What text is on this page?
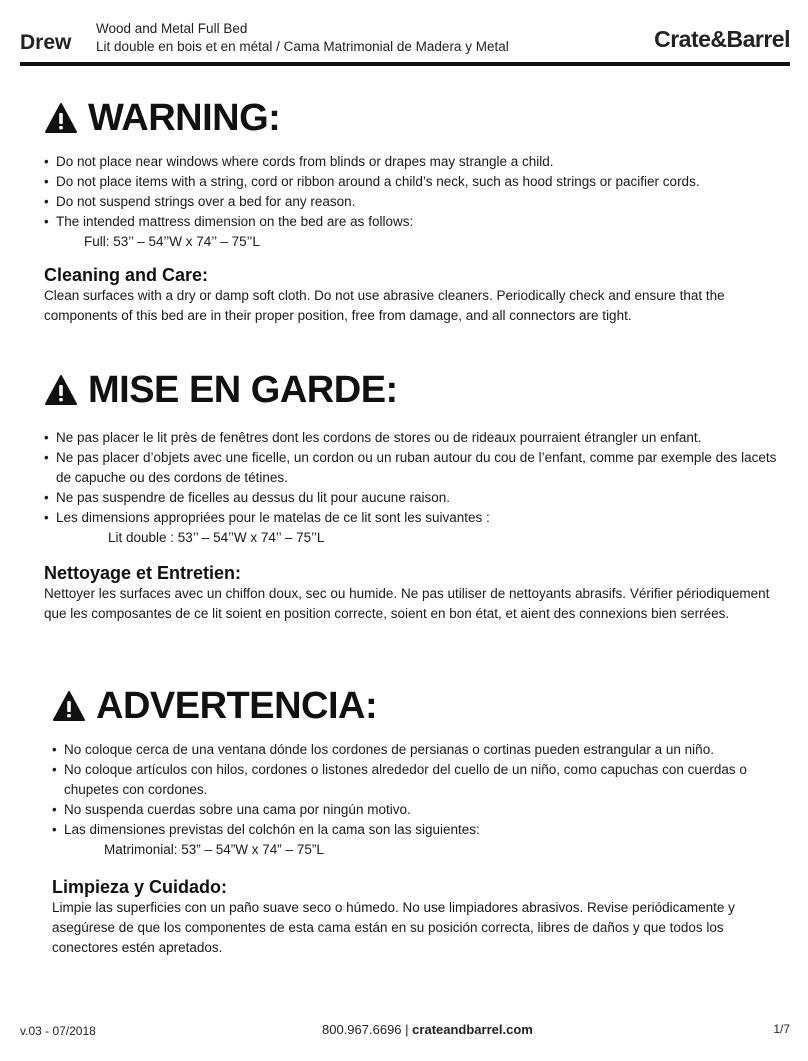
Drew
Wood and Metal Full Bed
Lit double en bois et en métal / Cama Matrimonial de Madera y Metal	Crate&Barrel
WARNING:
• Do not place near windows where cords from blinds or drapes may strangle a child.
• Do not place items with a string, cord or ribbon around a child’s neck, such as hood strings or pacifier cords.
• Do not suspend strings over a bed for any reason.
• The intended mattress dimension on the bed are as follows:
Full: 53’’ – 54’’W x 74’’ – 75’’L
Cleaning and Care:
Clean surfaces with a dry or damp soft cloth. Do not use abrasive cleaners. Periodically check and ensure that the components of this bed are in their proper position, free from damage, and all connectors are tight.
MISE EN GARDE:
• Ne pas placer le lit près de fenêtres dont les cordons de stores ou de rideaux pourraient étrangler un enfant.
• Ne pas placer d’objets avec une ficelle, un cordon ou un ruban autour du cou de l’enfant, comme par exemple des lacets de capuche ou des cordons de tétines.
• Ne pas suspendre de ficelles au dessus du lit pour aucune raison.
• Les dimensions appropriées pour le matelas de ce lit sont les suivantes :
Lit double : 53’’ – 54’’W x 74’’ – 75’’L
Nettoyage et Entretien:
Nettoyer les surfaces avec un chiffon doux, sec ou humide. Ne pas utiliser de nettoyants abrasifs. Vérifier périodiquement que les composantes de ce lit soient en position correcte, soient en bon état, et aient des connexions bien serrées.
ADVERTENCIA:
• No coloque cerca de una ventana dónde los cordones de persianas o cortinas pueden estrangular a un niño.
• No coloque artículos con hilos, cordones o listones alrededor del cuello de un niño, como capuchas con cuerdas o chupetes con cordones.
• No suspenda cuerdas sobre una cama por ningún motivo.
• Las dimensiones previstas del colchón en la cama son las siguientes:
Matrimonial: 53” – 54”W x 74” – 75”L
Limpieza y Cuidado:
Limpie las superficies con un paño suave seco o húmedo. No use limpiadores abrasivos. Revise periódicamente y asegúrese de que los componentes de esta cama están en su posición correcta, libres de daños y que todos los conectores estén apretados.
v.03 - 07/2018	800.967.6696 | crateandbarrel.com	1/7
